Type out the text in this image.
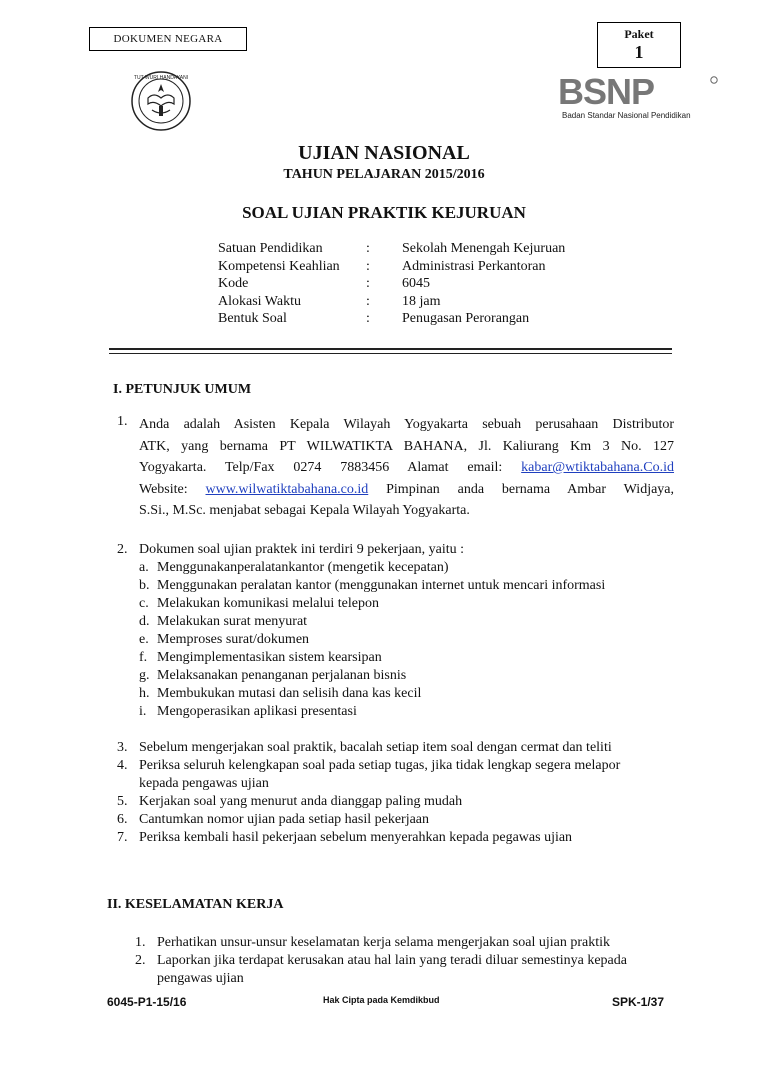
DOKUMEN NEGARA	Paket
1
TUT WURI HANDAYANI	BSNP
Badan Standar Nasional Pendidikan
UJIAN NASIONAL
TAHUN PELAJARAN 2015/2016
SOAL UJIAN PRAKTIK KEJURUAN
Satuan Pendidikan	: Sekolah Menengah Kejuruan
Kompetensi Keahlian : Administrasi Perkantoran
Kode	: 6045
Alokasi Waktu	: 18 jam
Bentuk Soal	: Penugasan Perorangan
I. PETUNJUK UMUM
1. Anda adalah Asisten Kepala Wilayah Yogyakarta sebuah perusahaan Distributor
ATK, yang bernama PT WILWATIKTA BAHANA, Jl. Kaliurang Km 3 No. 127
Yogyakarta. Telp/Fax 0274 7883456 Alamat email: kabar@wtiktabahana.Co.id
Website: www.wilwatiktabahana.co.id Pimpinan anda bernama Ambar Widjaya,
S.Si., M.Sc. menjabat sebagai Kepala Wilayah Yogyakarta.
2. Dokumen soal ujian praktek ini terdiri 9 pekerjaan, yaitu :
a. Menggunakanperalatankantor (mengetik kecepatan)
b. Menggunakan peralatan kantor (menggunakan internet untuk mencari informasi
c. Melakukan komunikasi melalui telepon
d. Melakukan surat menyurat
e. Memproses surat/dokumen
f. Mengimplementasikan sistem kearsipan
g. Melaksanakan penanganan perjalanan bisnis
h. Membukukan mutasi dan selisih dana kas kecil
i. Mengoperasikan aplikasi presentasi
3. Sebelum mengerjakan soal praktik, bacalah setiap item soal dengan cermat dan teliti
4. Periksa seluruh kelengkapan soal pada setiap tugas, jika tidak lengkap segera melapor
kepada pengawas ujian
5. Kerjakan soal yang menurut anda dianggap paling mudah
6. Cantumkan nomor ujian pada setiap hasil pekerjaan
7. Periksa kembali hasil pekerjaan sebelum menyerahkan kepada pegawas ujian
II. KESELAMATAN KERJA
1. Perhatikan unsur-unsur keselamatan kerja selama mengerjakan soal ujian praktik
2. Laporkan jika terdapat kerusakan atau hal lain yang teradi diluar semestinya kepada
pengawas ujian
6045-P1-15/16	Hak Cipta pada Kemdikbud	SPK-1/37
